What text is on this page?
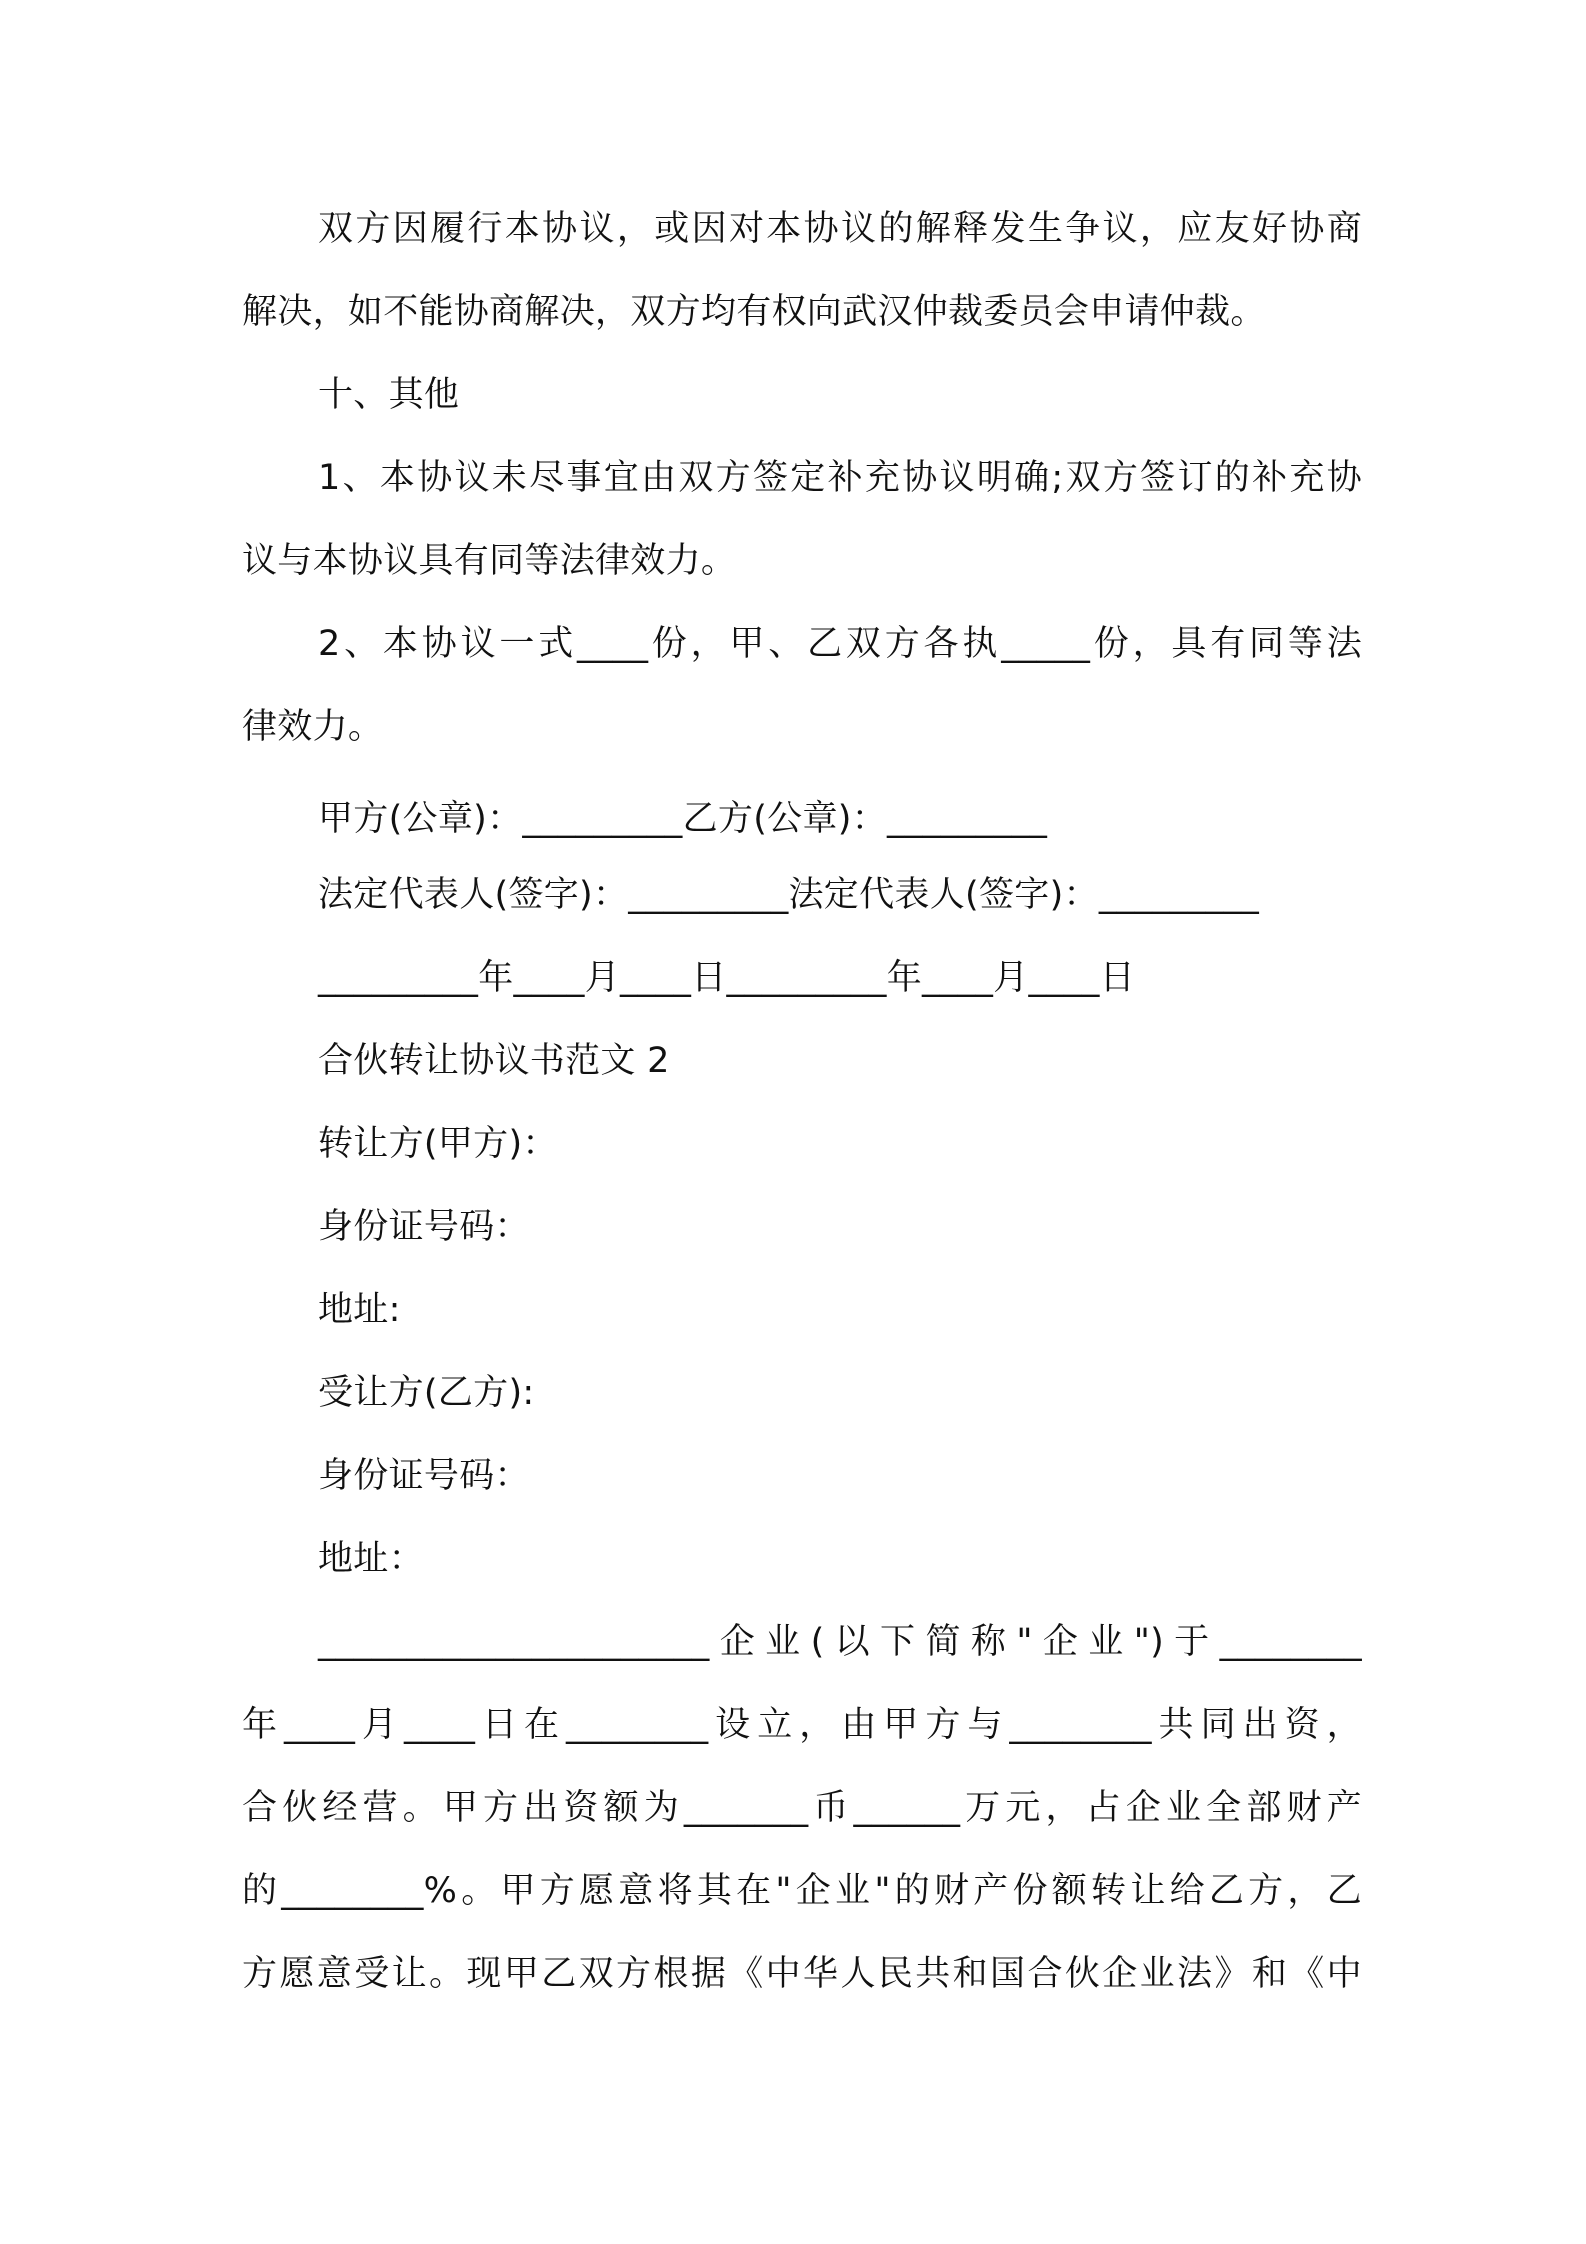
双方因履行本协议，或因对本协议的解释发生争议，应友好协商
解决，如不能协商解决，双方均有权向武汉仲裁委员会申请仲裁。
十、其他
1、本协议未尽事宜由双方签定补充协议明确;双方签订的补充协
议与本协议具有同等法律效力。
2、本协议一式____份，甲、乙双方各执_____份，具有同等法
律效力。
甲方(公章)：_________乙方(公章)：_________
法定代表人(签字)：_________法定代表人(签字)：_________
_________年____月____日_________年____月____日
合伙转让协议书范文 2
转让方(甲方)：
身份证号码：
地址:
受让方(乙方):
身份证号码：
地址：
______________________企业(以下简称"企业")于________
年____月____日在________设立，由甲方与________共同出资，
合伙经营。甲方出资额为_______币______万元，占企业全部财产
的________%。甲方愿意将其在"企业"的财产份额转让给乙方，乙
方愿意受让。现甲乙双方根据《中华人民共和国合伙企业法》和《中
